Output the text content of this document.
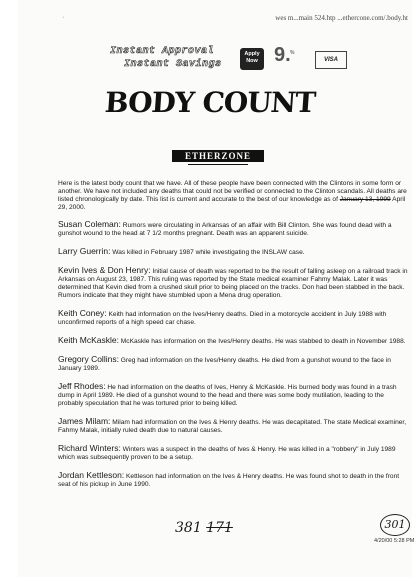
·	wes m...main 524.htp ...ethercone.com/.body.ht
Instant Approval
Instant Savings
Apply
Now 9. %
VISA
BODY COUNT
ETHERZONE

Here is the latest body count that we have. All of these people have been connected with the Clintons in some form or another. We have not included any deaths that could not be verified or connected to the Clinton scandals. All deaths are listed chronologically by date. This list is current and accurate to the best of our knowledge as of January 13, 1999 April 29, 2000.

Susan Coleman: Rumors were circulating in Arkansas of an affair with Bill Clinton. She was found dead with a gunshot wound to the head at 7 1/2 months pregnant. Death was an apparent suicide.
Larry Guerrin: Was killed in February 1987 while investigating the INSLAW case.
Kevin Ives & Don Henry: Initial cause of death was reported to be the result of falling asleep on a railroad track in Arkansas on August 23, 1987. This ruling was reported by the State medical examiner Fahmy Malak. Later it was determined that Kevin died from a crushed skull prior to being placed on the tracks. Don had been stabbed in the back. Rumors indicate that they might have stumbled upon a Mena drug operation.
Keith Coney: Keith had information on the Ives/Henry deaths. Died in a motorcycle accident in July 1988 with unconfirmed reports of a high speed car chase.
Keith McKaskle: McKaskle has information on the Ives/Henry deaths. He was stabbed to death in November 1988.
Gregory Collins: Greg had information on the Ives/Henry deaths. He died from a gunshot wound to the face in January 1989.
Jeff Rhodes: He had information on the deaths of Ives, Henry & McKaskle. His burned body was found in a trash dump in April 1989. He died of a gunshot wound to the head and there was some body mutilation, leading to the probably speculation that he was tortured prior to being killed.
James Milam: Milam had information on the Ives & Henry deaths. He was decapitated. The state Medical examiner, Fahmy Malak, initially ruled death due to natural causes.
Richard Winters: Winters was a suspect in the deaths of Ives & Henry. He was killed in a "robbery" in July 1989 which was subsequently proven to be a setup.
Jordan Kettleson: Kettleson had information on the Ives & Henry deaths. He was found shot to death in the front seat of his pickup in June 1990.
381 171	301
4/20/00 5:28 PM
